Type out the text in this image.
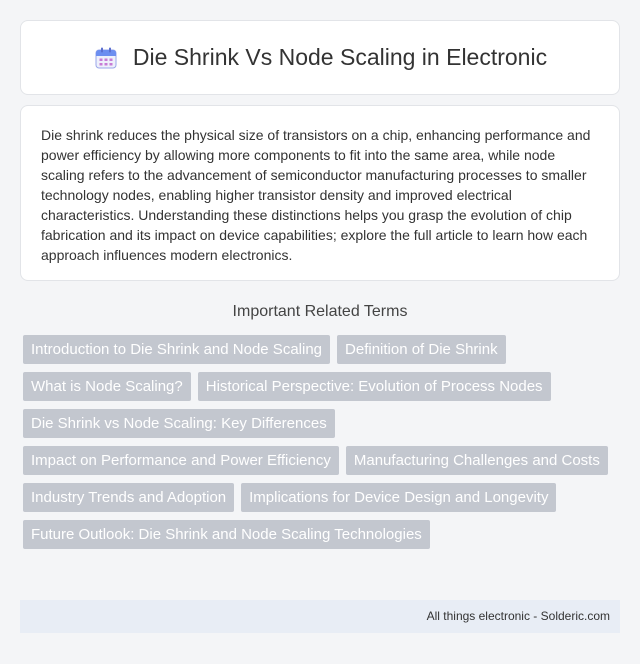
Die Shrink Vs Node Scaling in Electronic

Die shrink reduces the physical size of transistors on a chip, enhancing performance and power efficiency by allowing more components to fit into the same area, while node scaling refers to the advancement of semiconductor manufacturing processes to smaller technology nodes, enabling higher transistor density and improved electrical characteristics. Understanding these distinctions helps you grasp the evolution of chip fabrication and its impact on device capabilities; explore the full article to learn how each approach influences modern electronics.

Important Related Terms
Introduction to Die Shrink and Node Scaling	Definition of Die Shrink
What is Node Scaling?	Historical Perspective: Evolution of Process Nodes
Die Shrink vs Node Scaling: Key Differences
Impact on Performance and Power Efficiency	Manufacturing Challenges and Costs
Industry Trends and Adoption	Implications for Device Design and Longevity
Future Outlook: Die Shrink and Node Scaling Technologies
All things electronic - Solderic.com
